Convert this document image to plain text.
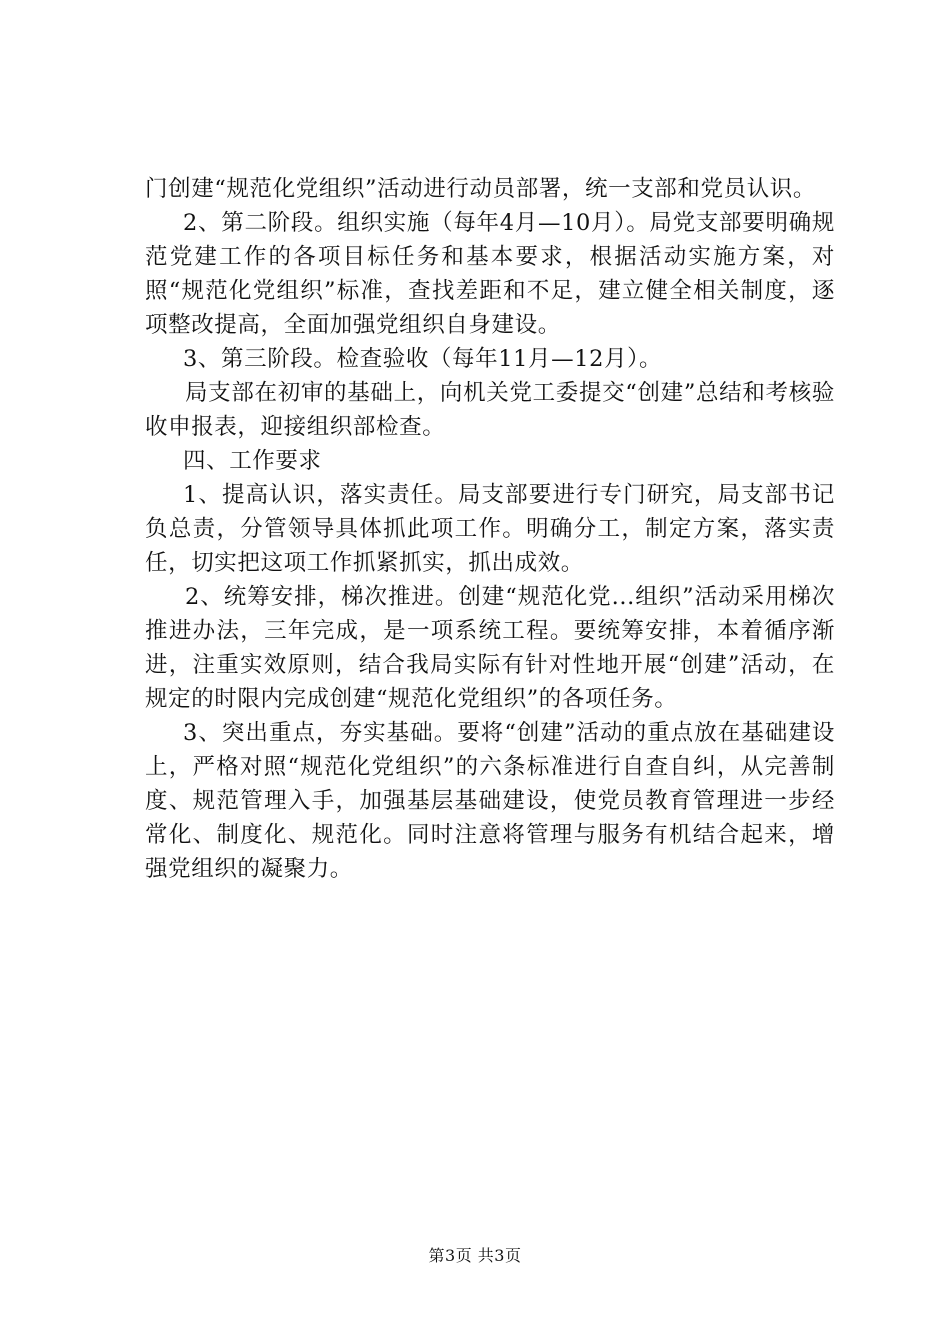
门创建“规范化党组织”活动进行动员部署，统一支部和党员认识。

2、第二阶段。组织实施（每年4月—10月）。局党支部要明确规范党建工作的各项目标任务和基本要求，根据活动实施方案，对照“规范化党组织”标准，查找差距和不足，建立健全相关制度，逐项整改提高，全面加强党组织自身建设。

3、第三阶段。检查验收（每年11月—12月）。

局支部在初审的基础上，向机关党工委提交“创建”总结和考核验收申报表，迎接组织部检查。

四、工作要求

1、提高认识，落实责任。局支部要进行专门研究，局支部书记负总责，分管领导具体抓此项工作。明确分工，制定方案，落实责任，切实把这项工作抓紧抓实，抓出成效。

2、统筹安排，梯次推进。创建“规范化党...组织”活动采用梯次推进办法，三年完成，是一项系统工程。要统筹安排，本着循序渐进，注重实效原则，结合我局实际有针对性地开展“创建”活动，在规定的时限内完成创建“规范化党组织”的各项任务。

3、突出重点，夯实基础。要将“创建”活动的重点放在基础建设上，严格对照“规范化党组织”的六条标准进行自查自纠，从完善制度、规范管理入手，加强基层基础建设，使党员教育管理进一步经常化、制度化、规范化。同时注意将管理与服务有机结合起来，增强党组织的凝聚力。

第3页 共3页
